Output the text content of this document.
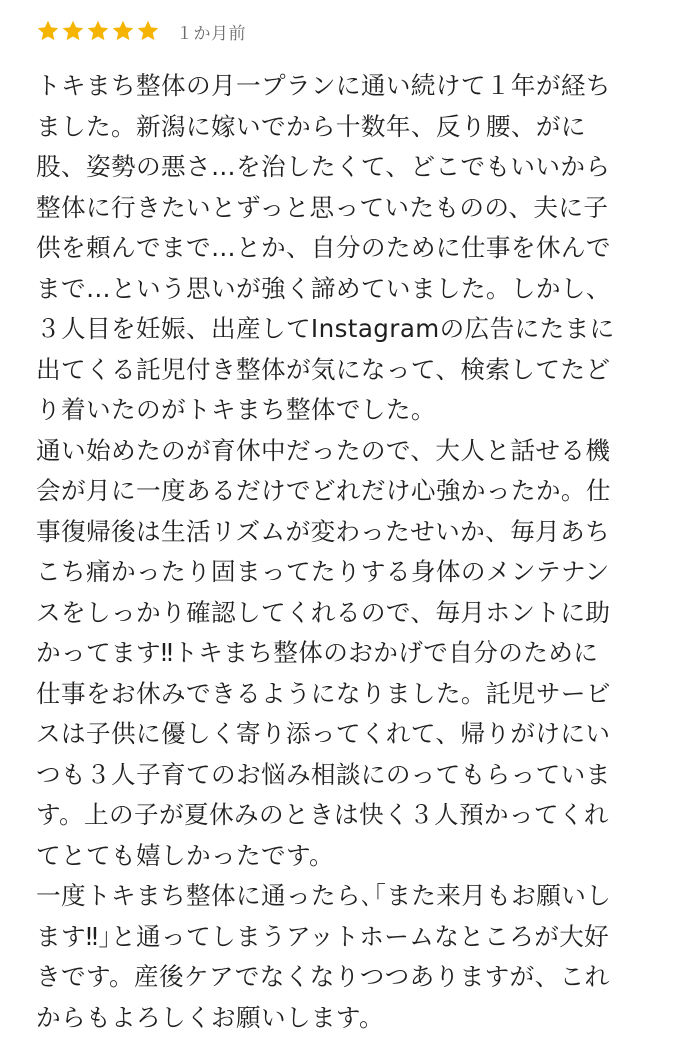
１か月前
トキまち整体の月一プランに通い続けて１年が経ち
ました。新潟に嫁いでから十数年、反り腰、がに
股、姿勢の悪さ…を治したくて、どこでもいいから
整体に行きたいとずっと思っていたものの、夫に子
供を頼んでまで…とか、自分のために仕事を休んで
まで…という思いが強く諦めていました。しかし、
３人目を妊娠、出産してInstagramの広告にたまに
出てくる託児付き整体が気になって、検索してたど
り着いたのがトキまち整体でした。
通い始めたのが育休中だったので、大人と話せる機
会が月に一度あるだけでどれだけ心強かったか。仕
事復帰後は生活リズムが変わったせいか、毎月あち
こち痛かったり固まってたりする身体のメンテナン
スをしっかり確認してくれるので、毎月ホントに助
かってます‼︎トキまち整体のおかげで自分のために
仕事をお休みできるようになりました。託児サービ
スは子供に優しく寄り添ってくれて、帰りがけにい
つも３人子育てのお悩み相談にのってもらっていま
す。上の子が夏休みのときは快く３人預かってくれ
てとても嬉しかったです。
一度トキまち整体に通ったら､｢また来月もお願いし
ます‼︎｣と通ってしまうアットホームなところが大好
きです。産後ケアでなくなりつつありますが、これ
からもよろしくお願いします。
